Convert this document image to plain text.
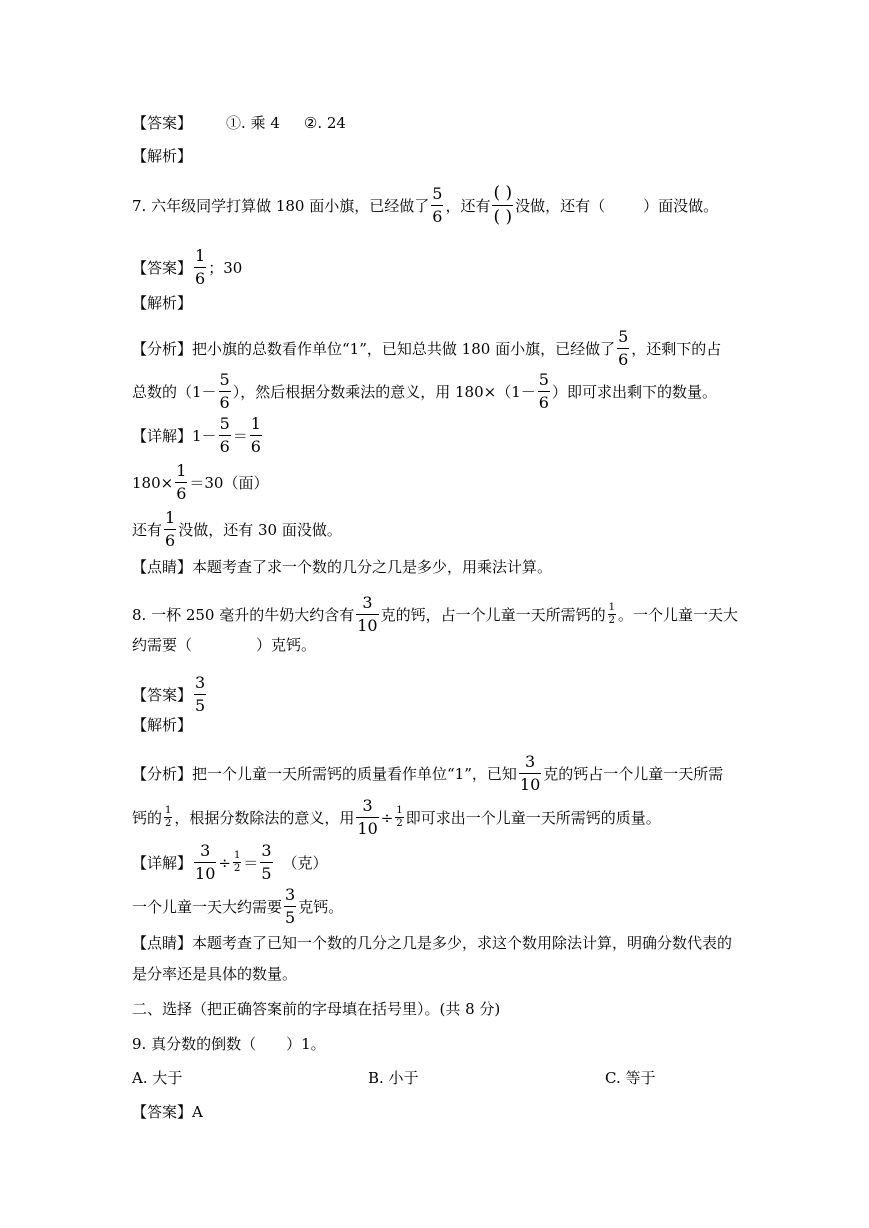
【答案】 ①. 乘 4 ②. 24
【解析】
7. 六年级同学打算做 180 面小旗，已经做了 $\frac{5}{6}$ ，还有 $\frac{( )}{( )}$ 没做，还有（	）面没做。
【答案】 $\frac{1}{6}$ ；30
【解析】
【分析】把小旗的总数看作单位“1”，已知总共做 180 面小旗，已经做了 $\frac{5}{6}$ ，还剩下的占
总数的（$1- \frac{5}{6}$ ），然后根据分数乘法的意义，用 $180\times(1- \frac{5}{6}$ ）即可求出剩下的数量。
【详解】$1- \frac{5}{6} = \frac{1}{6}$
$180\times \frac{1}{6} =30$（面）
还有 $\frac{1}{6}$ 没做，还有 30 面没做。
【点睛】本题考查了求一个数的几分之几是多少，用乘法计算。
8. 一杯 250 毫升的牛奶大约含有 $\frac{3}{10}$ 克的钙，占一个儿童一天所需钙的 $\frac{1}{2}$ 。一个儿童一天大
约需要（	）克钙。
【答案】 $\frac{3}{5}$
【解析】
【分析】把一个儿童一天所需钙的质量看作单位“1”，已知 $\frac{3}{10}$ 克的钙占一个儿童一天所需
钙的 $\frac{1}{2}$ ，根据分数除法的意义，用 $\frac{3}{10} \div \frac{1}{2}$ 即可求出一个儿童一天所需钙的质量。
【详解】 $\frac{3}{10} \div \frac{1}{2} = \frac{3}{5}$ （克）
一个儿童一天大约需要 $\frac{3}{5}$ 克钙。
【点睛】本题考查了已知一个数的几分之几是多少，求这个数用除法计算，明确分数代表的
是分率还是具体的数量。
二、选择（把正确答案前的字母填在括号里）。(共 8 分)
9. 真分数的倒数（ ）1。
A. 大于	B. 小于	C. 等于
【答案】A
